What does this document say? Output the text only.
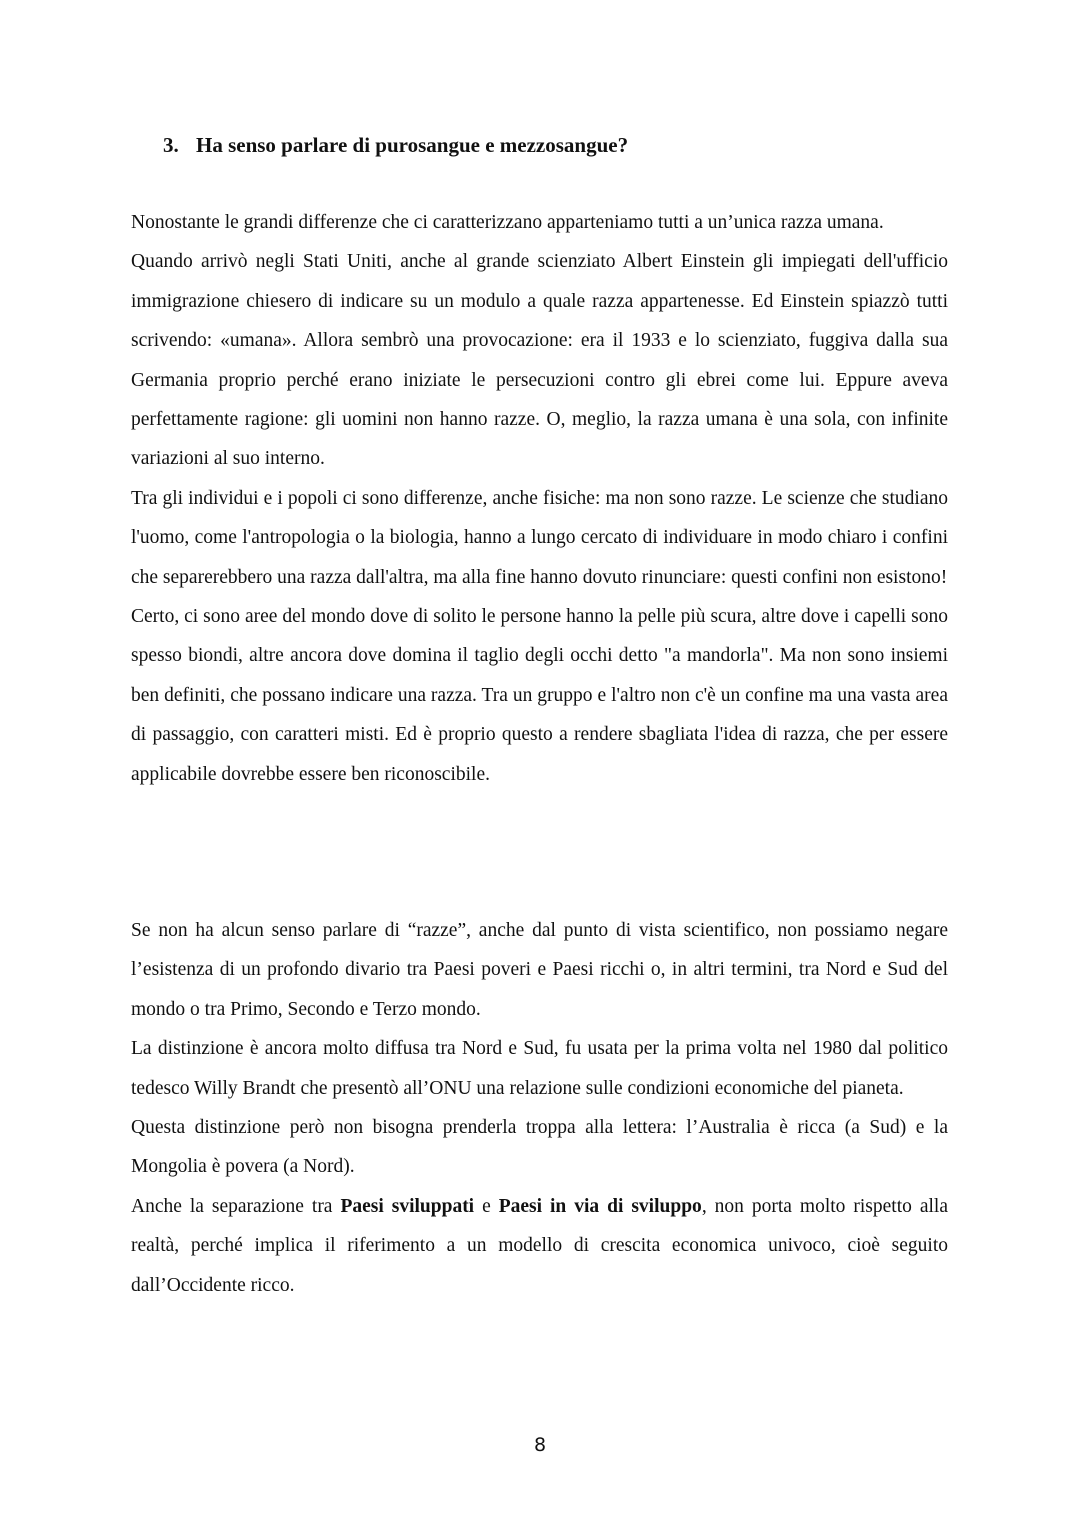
3. Ha senso parlare di purosangue e mezzosangue?

Nonostante le grandi differenze che ci caratterizzano apparteniamo tutti a un’unica razza umana.

Quando arrivò negli Stati Uniti, anche al grande scienziato Albert Einstein gli impiegati dell'ufficio immigrazione chiesero di indicare su un modulo a quale razza appartenesse. Ed Einstein spiazzò tutti scrivendo: «umana». Allora sembrò una provocazione: era il 1933 e lo scienziato, fuggiva dalla sua Germania proprio perché erano iniziate le persecuzioni contro gli ebrei come lui. Eppure aveva perfettamente ragione: gli uomini non hanno razze. O, meglio, la razza umana è una sola, con infinite variazioni al suo interno.

Tra gli individui e i popoli ci sono differenze, anche fisiche: ma non sono razze. Le scienze che studiano l'uomo, come l'antropologia o la biologia, hanno a lungo cercato di individuare in modo chiaro i confini che separerebbero una razza dall'altra, ma alla fine hanno dovuto rinunciare: questi confini non esistono!

Certo, ci sono aree del mondo dove di solito le persone hanno la pelle più scura, altre dove i capelli sono spesso biondi, altre ancora dove domina il taglio degli occhi detto "a mandorla". Ma non sono insiemi ben definiti, che possano indicare una razza. Tra un gruppo e l'altro non c'è un confine ma una vasta area di passaggio, con caratteri misti. Ed è proprio questo a rendere sbagliata l'idea di razza, che per essere applicabile dovrebbe essere ben riconoscibile.

Se non ha alcun senso parlare di “razze”, anche dal punto di vista scientifico, non possiamo negare l’esistenza di un profondo divario tra Paesi poveri e Paesi ricchi o, in altri termini, tra Nord e Sud del mondo o tra Primo, Secondo e Terzo mondo.

La distinzione è ancora molto diffusa tra Nord e Sud, fu usata per la prima volta nel 1980 dal politico tedesco Willy Brandt che presentò all’ONU una relazione sulle condizioni economiche del pianeta.

Questa distinzione però non bisogna prenderla troppa alla lettera: l’Australia è ricca (a Sud) e la Mongolia è povera (a Nord).

Anche la separazione tra Paesi sviluppati e Paesi in via di sviluppo, non porta molto rispetto alla realtà, perché implica il riferimento a un modello di crescita economica univoco, cioè seguito dall’Occidente ricco.

8
